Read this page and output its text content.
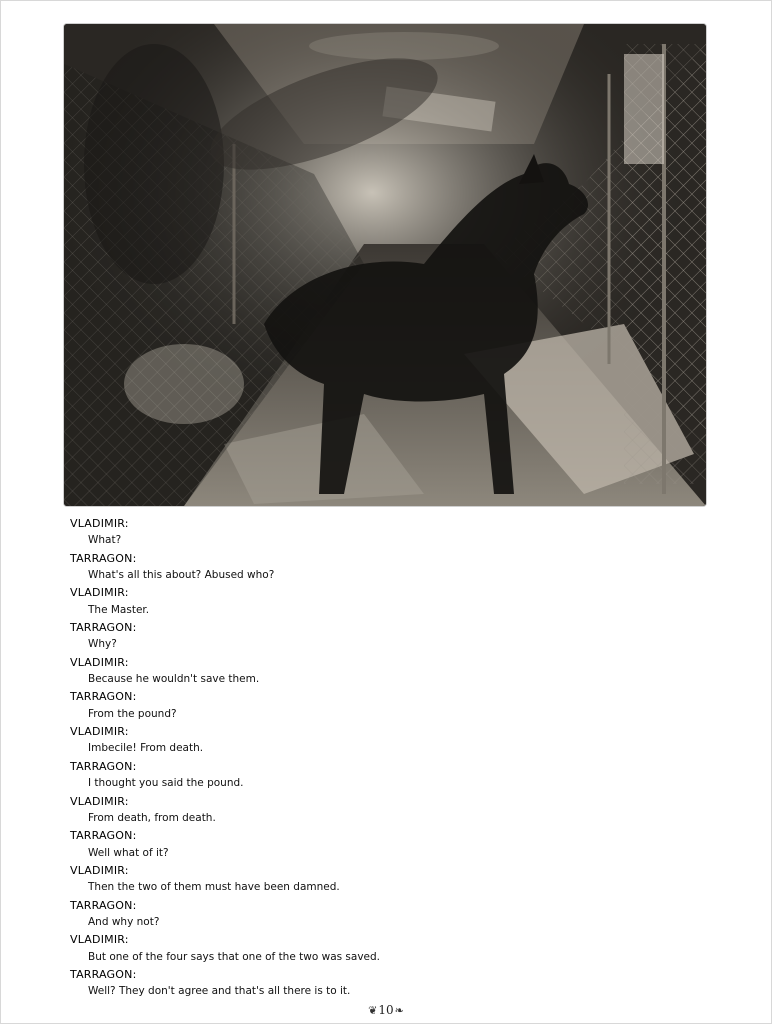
VLADIMIR:
What?
TARRAGON:
What's all this about? Abused who?
VLADIMIR:
The Master.
TARRAGON:
Why?
VLADIMIR:
Because he wouldn't save them.
TARRAGON:
From the pound?
VLADIMIR:
Imbecile! From death.
TARRAGON:
I thought you said the pound.
VLADIMIR:
From death, from death.
TARRAGON:
Well what of it?
VLADIMIR:
Then the two of them must have been damned.
TARRAGON:
And why not?
VLADIMIR:
But one of the four says that one of the two was saved.
TARRAGON:
Well? They don't agree and that's all there is to it.
❦10❧
